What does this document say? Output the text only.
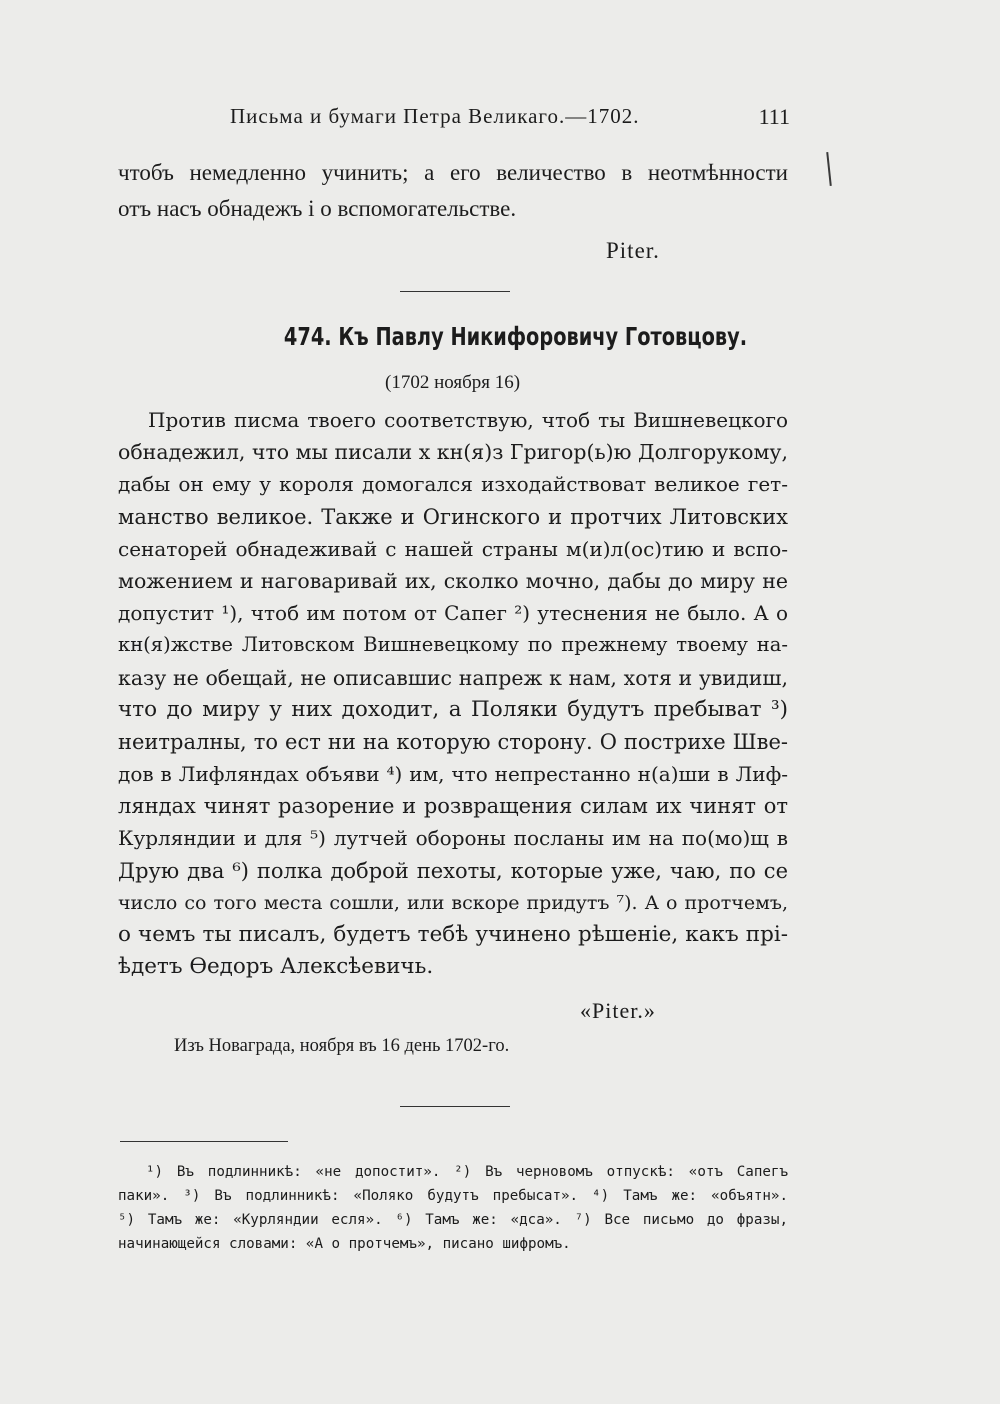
Письма и бумаги Петра Великаго.—1702.	111
чтобъ немедленно учинить; а его величество в неотмѣнности
отъ насъ обнадежъ і о вспомогательстве.
Piter.
474. Къ Павлу Никифоровичу Готовцову.
(1702 ноября 16)
Против писма твоего соответствую, чтоб ты Вишневецкого
обнадежил, что мы писали х кн(я)з Григор(ь)ю Долгорукому,
дабы он ему у короля домогался изходайствоват великое гет-
манство великое. Также и Огинского и протчих Литовских
сенаторей обнадеживай с нашей страны м(и)л(ос)тию и вспо-
можением и наговаривай их, сколко мочно, дабы до миру не
допустит ¹), чтоб им потом от Сапег ²) утеснения не было. А о
кн(я)жстве Литовском Вишневецкому по прежнему твоему на-
казу не обещай, не описавшис напреж к нам, хотя и увидиш,
что до миру у них доходит, а Поляки будутъ пребыват ³)
неитралны, то ест ни на которую сторону. О пострихе Шве-
дов в Лифляндах объяви ⁴) им, что непрестанно н(а)ши в Лиф-
ляндах чинят разорение и розвращения силам их чинят от
Курляндии и для ⁵) лутчей обороны посланы им на по(мо)щ в
Друю два ⁶) полка доброй пехоты, которые уже, чаю, по се
число со того места сошли, или вскоре придутъ ⁷). А о протчемъ,
о чемъ ты писалъ, будетъ тебѣ учинено рѣшеніе, какъ прі-
ѣдетъ Өедоръ Алексѣевичь.
«Piter.»
Изъ Новаграда, ноября въ 16 день 1702-го.
¹) Въ подлинникѣ: «не допостит». ²) Въ черновомъ отпускѣ: «отъ Сапегъ
паки». ³) Въ подлинникѣ: «Поляко будутъ пребысат». ⁴) Тамъ же: «объятн».
⁵) Тамъ же: «Курляндии есля». ⁶) Тамъ же: «дса». ⁷) Все письмо до фразы,
начинающейся словами: «А о протчемъ», писано шифромъ.
